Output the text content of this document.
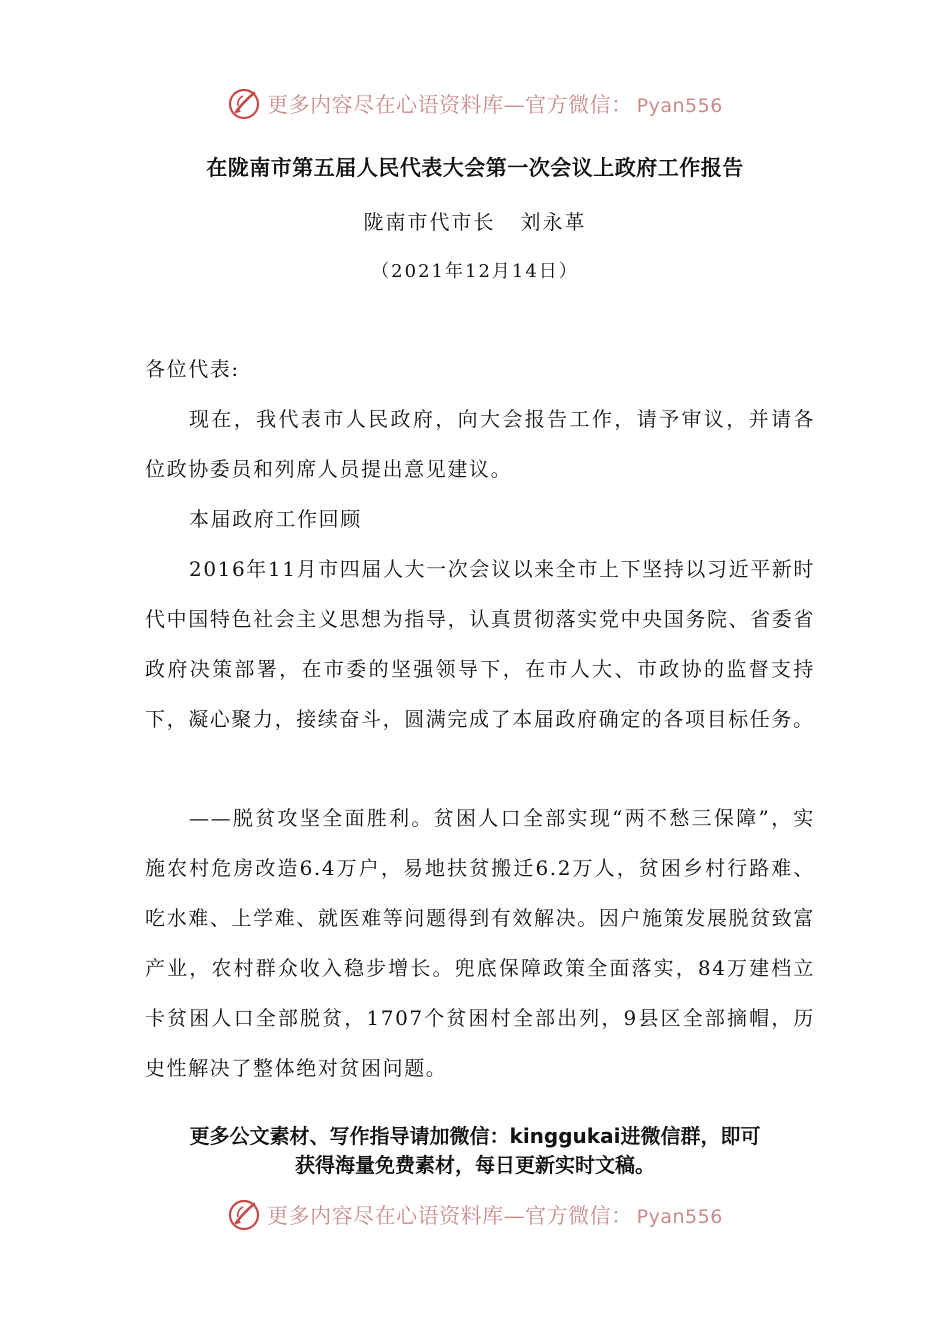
更多内容尽在心语资料库—官方微信： Pyan556
在陇南市第五届人民代表大会第一次会议上政府工作报告
陇南市代市长   刘永革
（2021年12月14日）
各位代表:
现在，我代表市人民政府，向大会报告工作，请予审议，并请各位政协委员和列席人员提出意见建议。
本届政府工作回顾
2016年11月市四届人大一次会议以来全市上下坚持以习近平新时代中国特色社会主义思想为指导，认真贯彻落实党中央国务院、省委省政府决策部署，在市委的坚强领导下，在市人大、市政协的监督支持下，凝心聚力，接续奋斗，圆满完成了本届政府确定的各项目标任务。
——脱贫攻坚全面胜利。贫困人口全部实现“两不愁三保障”，实施农村危房改造6.4万户，易地扶贫搬迁6.2万人，贫困乡村行路难、吃水难、上学难、就医难等问题得到有效解决。因户施策发展脱贫致富产业，农村群众收入稳步增长。兜底保障政策全面落实，84万建档立卡贫困人口全部脱贫，1707个贫困村全部出列，9县区全部摘帽，历史性解决了整体绝对贫困问题。
更多公文素材、写作指导请加微信：kinggukai进微信群，即可
获得海量免费素材，每日更新实时文稿。
更多内容尽在心语资料库—官方微信： Pyan556
